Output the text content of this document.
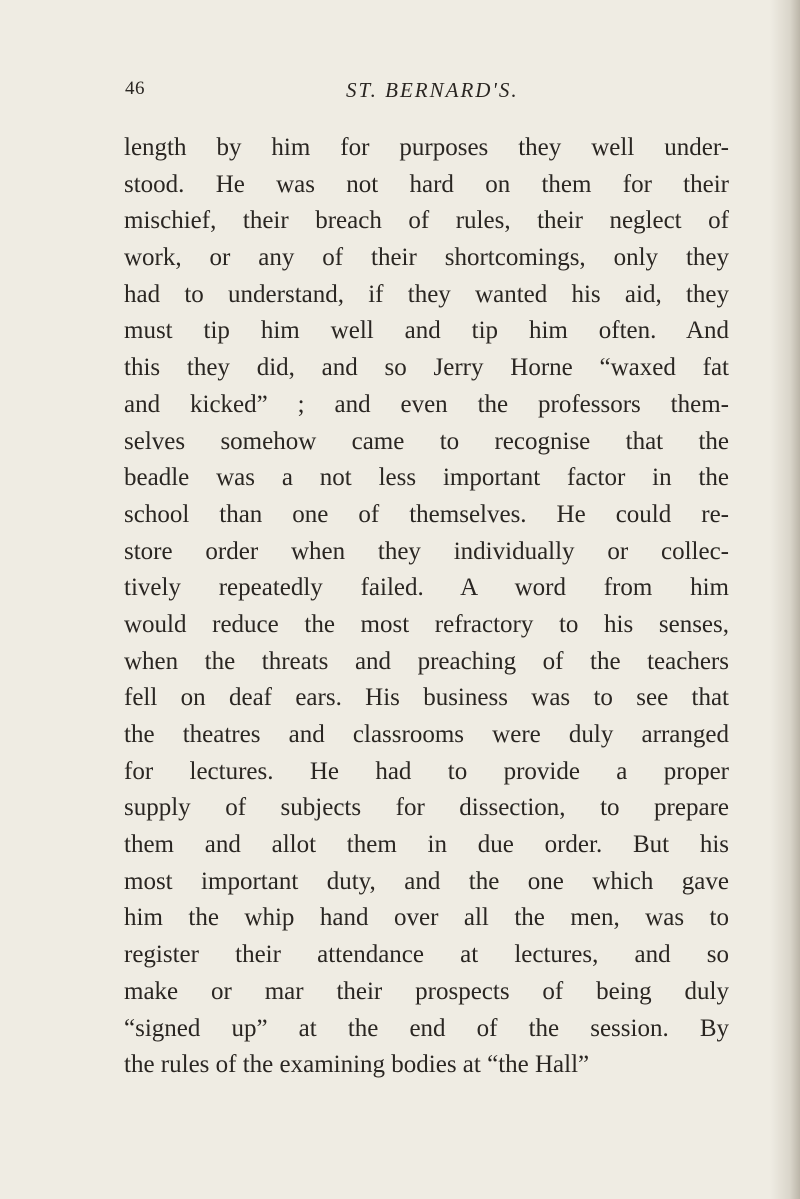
46	ST. BERNARD'S.
length by him for purposes they well under-
stood. He was not hard on them for their
mischief, their breach of rules, their neglect of
work, or any of their shortcomings, only they
had to understand, if they wanted his aid, they
must tip him well and tip him often. And
this they did, and so Jerry Horne “waxed fat
and kicked” ; and even the professors them-
selves somehow came to recognise that the
beadle was a not less important factor in the
school than one of themselves. He could re-
store order when they individually or collec-
tively repeatedly failed. A word from him
would reduce the most refractory to his senses,
when the threats and preaching of the teachers
fell on deaf ears. His business was to see that
the theatres and classrooms were duly arranged
for lectures. He had to provide a proper
supply of subjects for dissection, to prepare
them and allot them in due order. But his
most important duty, and the one which gave
him the whip hand over all the men, was to
register their attendance at lectures, and so
make or mar their prospects of being duly
“signed up” at the end of the session. By
the rules of the examining bodies at “the Hall”
